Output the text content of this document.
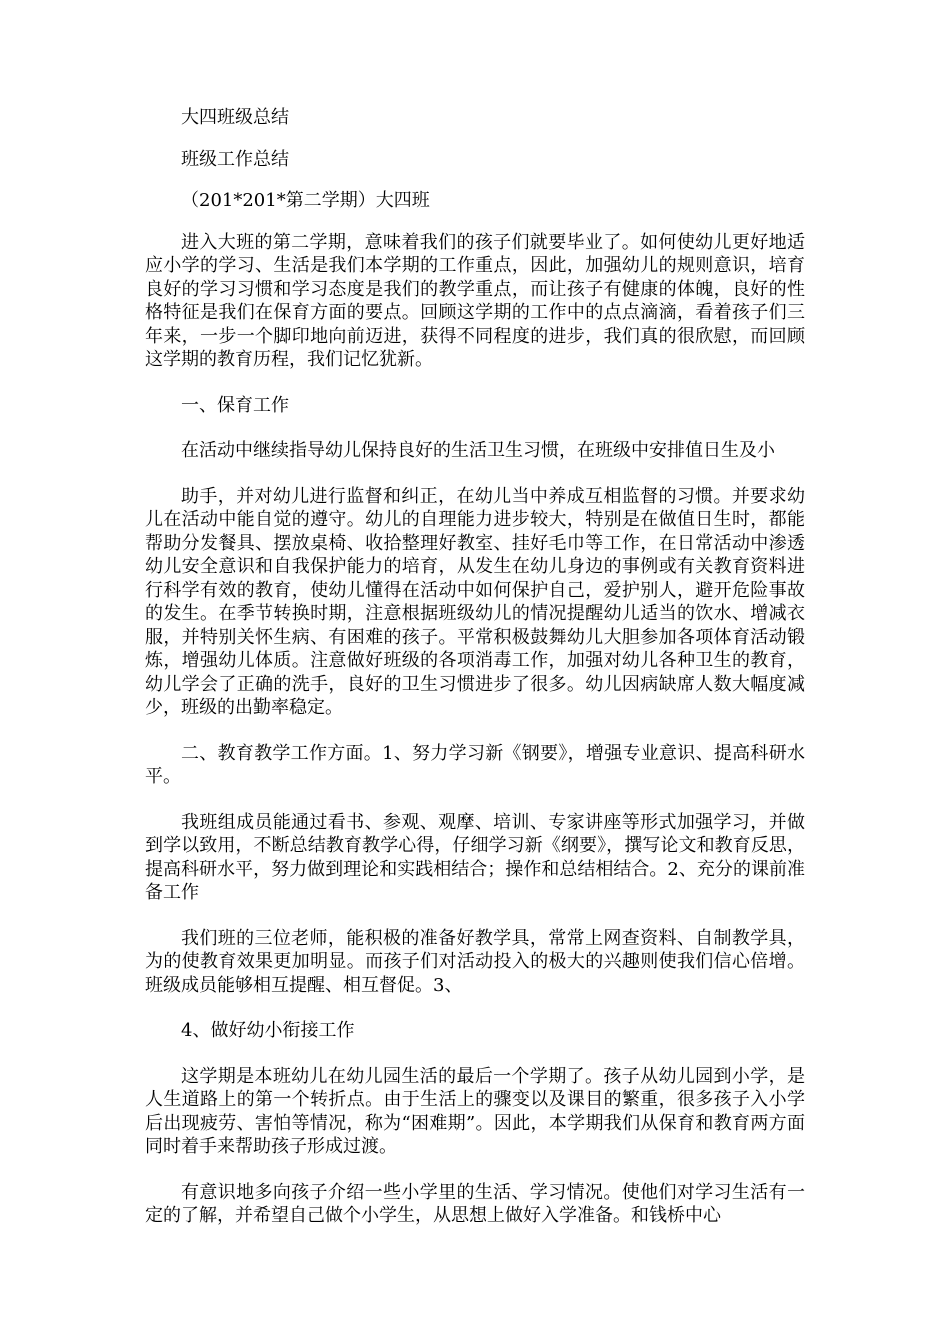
大四班级总结

班级工作总结

（201*201*第二学期）大四班

进入大班的第二学期，意味着我们的孩子们就要毕业了。如何使幼儿更好地适应小学的学习、生活是我们本学期的工作重点，因此，加强幼儿的规则意识，培育良好的学习习惯和学习态度是我们的教学重点，而让孩子有健康的体魄，良好的性格特征是我们在保育方面的要点。回顾这学期的工作中的点点滴滴，看着孩子们三年来，一步一个脚印地向前迈进，获得不同程度的进步，我们真的很欣慰，而回顾这学期的教育历程，我们记忆犹新。

一、保育工作

在活动中继续指导幼儿保持良好的生活卫生习惯，在班级中安排值日生及小

助手，并对幼儿进行监督和纠正，在幼儿当中养成互相监督的习惯。并要求幼儿在活动中能自觉的遵守。幼儿的自理能力进步较大，特别是在做值日生时，都能帮助分发餐具、摆放桌椅、收拾整理好教室、挂好毛巾等工作，在日常活动中渗透幼儿安全意识和自我保护能力的培育，从发生在幼儿身边的事例或有关教育资料进行科学有效的教育，使幼儿懂得在活动中如何保护自己，爱护别人，避开危险事故的发生。在季节转换时期，注意根据班级幼儿的情况提醒幼儿适当的饮水、增减衣服，并特别关怀生病、有困难的孩子。平常积极鼓舞幼儿大胆参加各项体育活动锻炼，增强幼儿体质。注意做好班级的各项消毒工作，加强对幼儿各种卫生的教育，幼儿学会了正确的洗手，良好的卫生习惯进步了很多。幼儿因病缺席人数大幅度减少，班级的出勤率稳定。

二、教育教学工作方面。1、努力学习新《钢要》，增强专业意识、提高科研水平。

我班组成员能通过看书、参观、观摩、培训、专家讲座等形式加强学习，并做到学以致用，不断总结教育教学心得，仔细学习新《纲要》，撰写论文和教育反思，提高科研水平，努力做到理论和实践相结合；操作和总结相结合。2、充分的课前准备工作

我们班的三位老师，能积极的准备好教学具，常常上网查资料、自制教学具，为的使教育效果更加明显。而孩子们对活动投入的极大的兴趣则使我们信心倍增。班级成员能够相互提醒、相互督促。3、

4、做好幼小衔接工作

这学期是本班幼儿在幼儿园生活的最后一个学期了。孩子从幼儿园到小学，是人生道路上的第一个转折点。由于生活上的骤变以及课目的繁重，很多孩子入小学后出现疲劳、害怕等情况，称为“困难期”。因此，本学期我们从保育和教育两方面同时着手来帮助孩子形成过渡。

有意识地多向孩子介绍一些小学里的生活、学习情况。使他们对学习生活有一定的了解，并希望自己做个小学生，从思想上做好入学准备。和钱桥中心
